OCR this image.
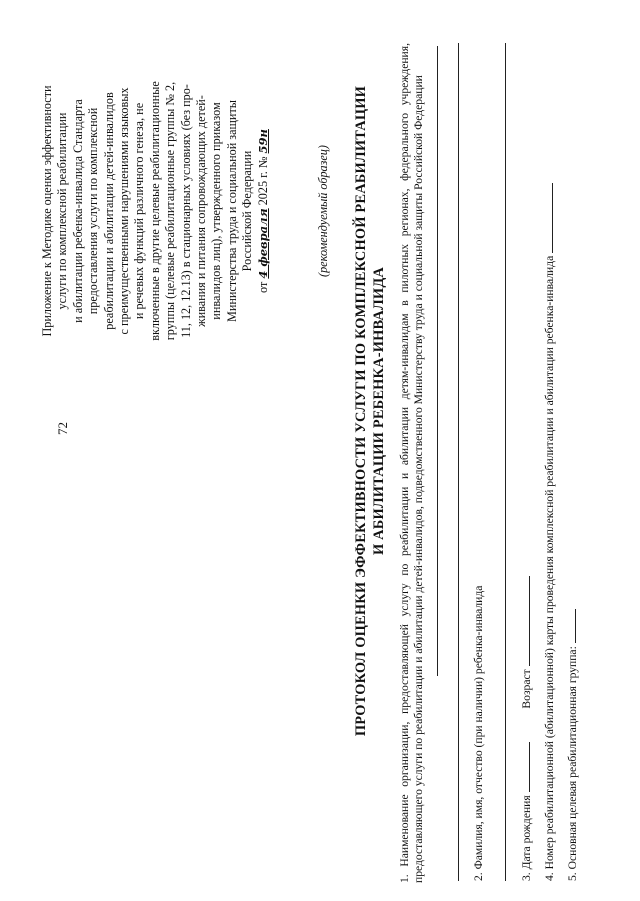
72
Приложение к Методике оценки эффективности услуги по комплексной реабилитации и абилитации ребенка-инвалида Стандарта предоставления услуги по комплексной реабилитации и абилитации детей-инвалидов с преимущественными нарушениями языковых и речевых функций различного генеза, не включенные в другие целевые реабилитационные группы (целевые реабилитационные группы № 2, 11, 12, 12.13) в стационарных условиях (без про- живания и питания сопровождающих детей- инвалидов лиц), утвержденного приказом Министерства труда и социальной защиты Российской Федерации
от 4 февраля 2025 г. № 59н
(рекомендуемый образец) ПРОТОКОЛ ОЦЕНКИ ЭФФЕКТИВНОСТИ УСЛУГИ ПО КОМПЛЕКСНОЙ РЕАБИЛИТАЦИИ И АБИЛИТАЦИИ РЕБЕНКА-ИНВАЛИДА 1. Наименование организации, предоставляющей услугу по реабилитации и абилитации детям-инвалидам в пилотных регионах, федерального учреждения, предоставляющего услуги по реабилитации и абилитации детей-инвалидов, подведомственного Министерству труда и социальной защиты Российской Федерации	2. Фамилия, имя, отчество (при наличии) ребенка-инвалида	3. Дата рождения   Возраст 4. Номер реабилитационной (абилитационной) карты проведения комплексной реабилитации и абилитации ребенка-инвалида 5. Основная целевая реабилитационная группа:
